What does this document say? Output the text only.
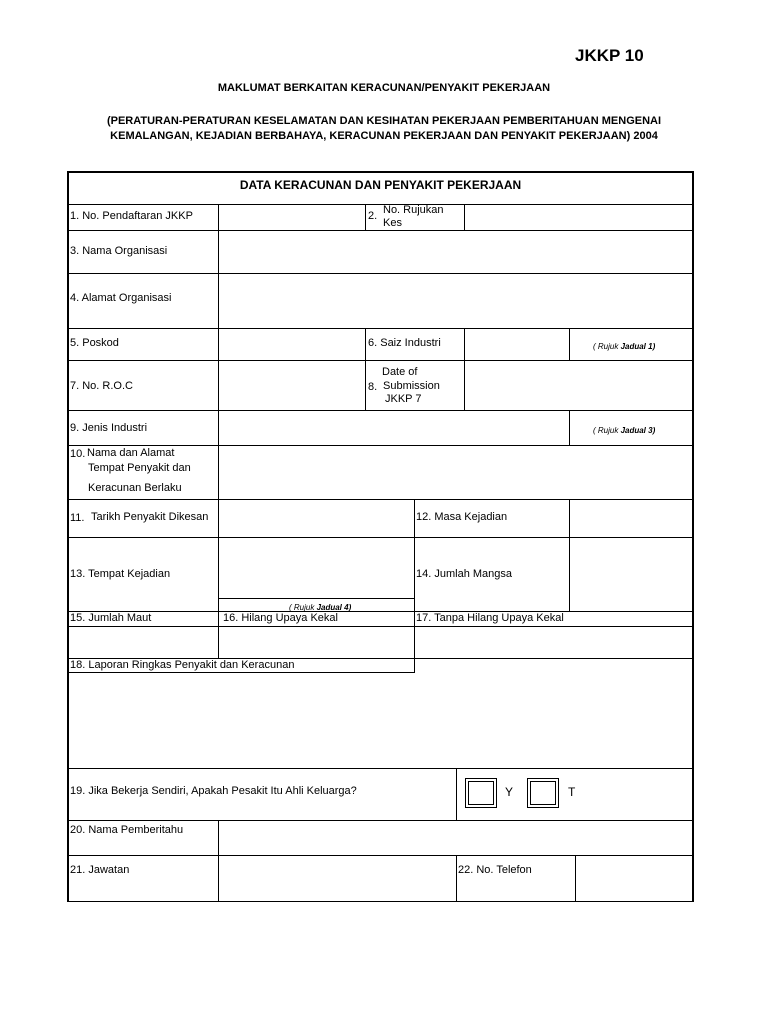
JKKP 10
MAKLUMAT BERKAITAN KERACUNAN/PENYAKIT PEKERJAAN
(PERATURAN-PERATURAN KESELAMATAN DAN KESIHATAN PEKERJAAN PEMBERITAHUAN MENGENAI
KEMALANGAN, KEJADIAN BERBAHAYA, KERACUNAN PEKERJAAN DAN PENYAKIT PEKERJAAN) 2004
DATA KERACUNAN DAN PENYAKIT PEKERJAAN
1. No. Pendaftaran JKKP	2. No. Rujukan
Kes
3. Nama Organisasi
4. Alamat Organisasi
5. Poskod	6. Saiz Industri	( Rujuk Jadual 1)
7. No. R.O.C
Date of
8. Submission
JKKP 7
9. Jenis Industri	( Rujuk Jadual 3)
10. Nama dan Alamat
Tempat Penyakit dan
Keracunan Berlaku
11. Tarikh Penyakit Dikesan	12. Masa Kejadian
13. Tempat Kejadian
( Rujuk Jadual 4)
14. Jumlah Mangsa
15. Jumlah Maut	16. Hilang Upaya Kekal	17. Tanpa Hilang Upaya Kekal
18. Laporan Ringkas Penyakit dan Keracunan
19. Jika Bekerja Sendiri, Apakah Pesakit Itu Ahli Keluarga?	Y	T
20. Nama Pemberitahu
21. Jawatan	22. No. Telefon
